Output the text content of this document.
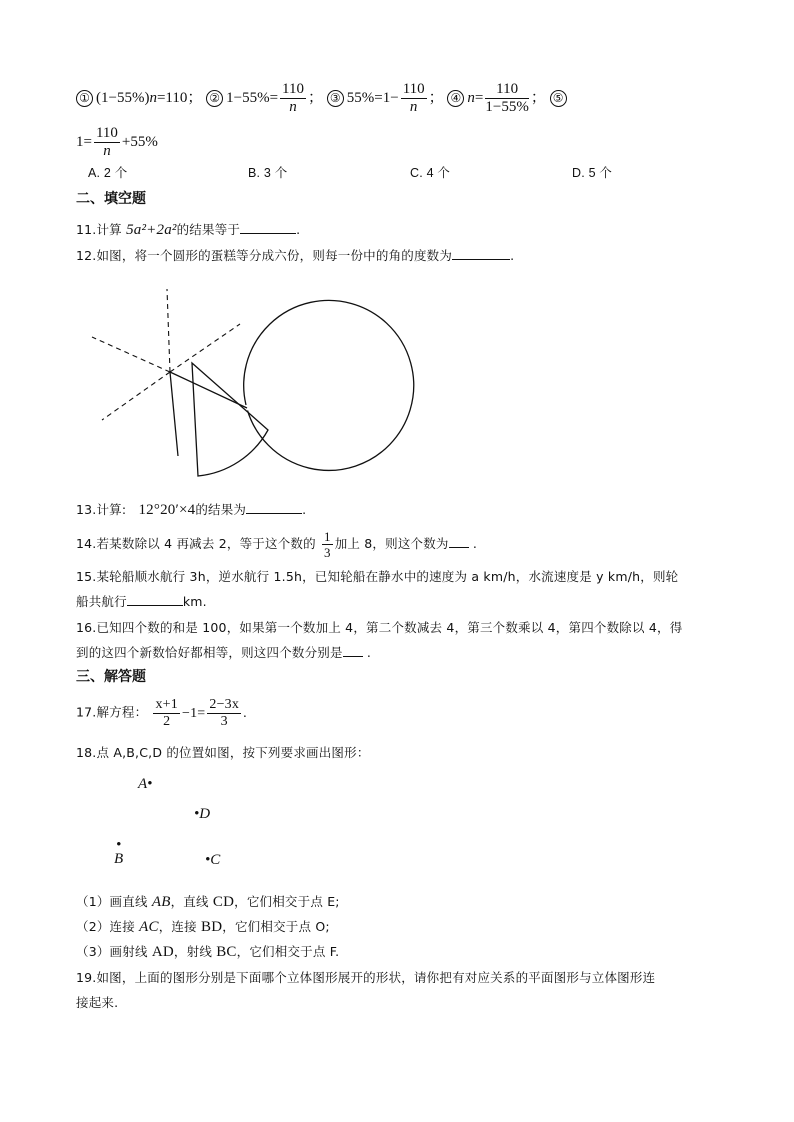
① (1−55%)n=110； ② $1-55\%= \frac{110}{n}$ ； ③ $55\%=1- \frac{110}{n}$ ； ④ $n= \frac{110}{1-55\%}$ ； ⑤
$1= \frac{110}{n} +55\%$
A. 2 个	B. 3 个	C. 4 个	D. 5 个
二、填空题
11.计算 5a²+2a²的结果等于	.
12.如图，将一个圆形的蛋糕等分成六份，则每一份中的角的度数为	.
13.计算: 12°20′×4的结果为	.
14.若某数除以 4 再减去 2，等于这个数的 $\frac{1}{3}$ 加上 8，则这个数为 .
15.某轮船顺水航行 3h，逆水航行 1.5h，已知轮船在静水中的速度为 a km/h，水流速度是 y km/h，则轮
船共航行	km.
16.已知四个数的和是 100，如果第一个数加上 4，第二个数减去 4，第三个数乘以 4，第四个数除以 4，得
到的这四个新数恰好都相等，则这四个数分别是 .
三、解答题
17.解方程： $\frac{x+1}{2} -1= \frac{2-3x}{3}$ .
18.点 A,B,C,D 的位置如图，按下列要求画出图形：
A•
•D
•
B	•C
（1）画直线 AB，直线 CD，它们相交于点 E;
（2）连接 AC，连接 BD，它们相交于点 O;
（3）画射线 AD，射线 BC，它们相交于点 F.
19.如图，上面的图形分别是下面哪个立体图形展开的形状，请你把有对应关系的平面图形与立体图形连
接起来.
